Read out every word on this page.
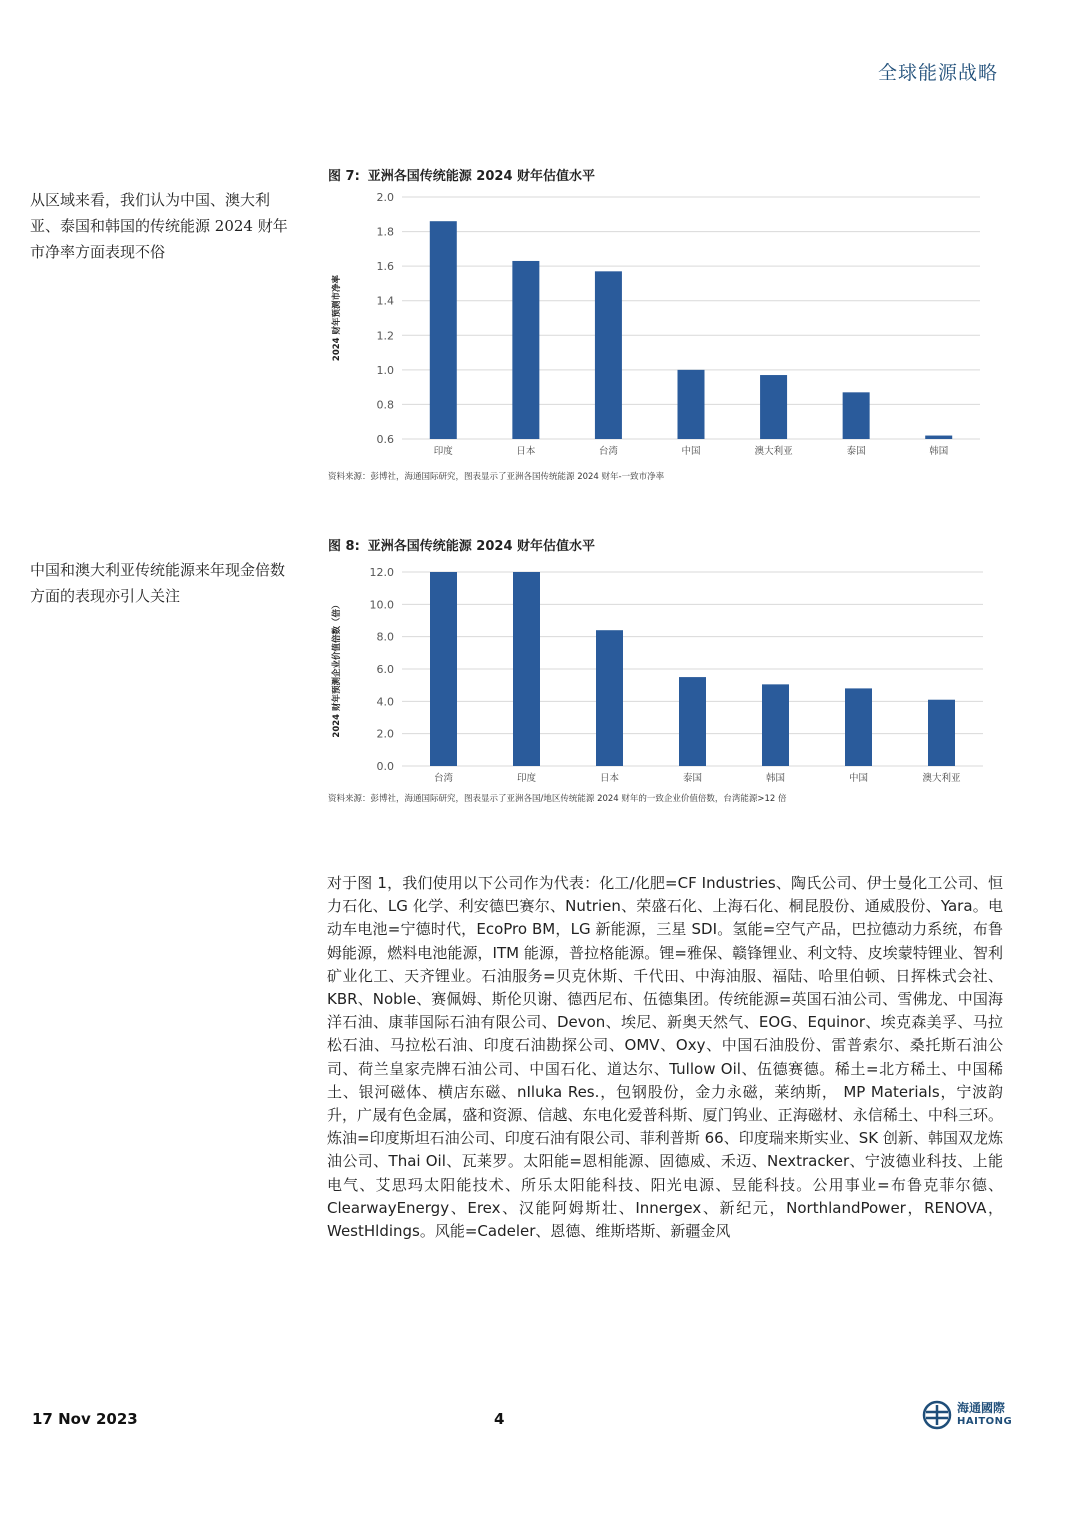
全球能源战略
从区域来看，我们认为中国、澳大利亚、泰国和韩国的传统能源 2024 财年市净率方面表现不俗
中国和澳大利亚传统能源来年现金倍数方面的表现亦引人关注
图 7: 亚洲各国传统能源 2024 财年估值水平
2024 财年预测市净率
0.6
0.8
1.0
1.2
1.4
1.6
1.8
2.0
印度	日本	台湾	中国	澳大利亚	泰国	韩国
资料来源：彭博社，海通国际研究，图表显示了亚洲各国传统能源 2024 财年-一致市净率
图 8: 亚洲各国传统能源 2024 财年估值水平
2024 财年预测企业价值倍数（倍）
0.0
2.0
4.0
6.0
8.0
10.0
12.0
台湾	印度	日本	泰国	韩国	中国	澳大利亚
资料来源：彭博社，海通国际研究，图表显示了亚洲各国/地区传统能源 2024 财年的一致企业价值倍数，台湾能源>12 倍
对于图 1，我们使用以下公司作为代表：化工/化肥=CF Industries、陶氏公司、伊士曼化工公司、恒力石化、LG 化学、利安德巴赛尔、Nutrien、荣盛石化、上海石化、桐昆股份、通威股份、Yara。电动车电池=宁德时代，EcoPro BM，LG 新能源，三星 SDI。氢能=空气产品，巴拉德动力系统，布鲁姆能源，燃料电池能源，ITM 能源，普拉格能源。锂=雅保、赣锋锂业、利文特、皮埃蒙特锂业、智利矿业化工、天齐锂业。石油服务=贝克休斯、千代田、中海油服、福陆、哈里伯顿、日挥株式会社、KBR、Noble、赛佩姆、斯伦贝谢、德西尼布、伍德集团。传统能源=英国石油公司、雪佛龙、中国海洋石油、康菲国际石油有限公司、Devon、埃尼、新奥天然气、EOG、Equinor、埃克森美孚、马拉松石油、马拉松石油、印度石油勘探公司、OMV、Oxy、中国石油股份、雷普索尔、桑托斯石油公司、荷兰皇家壳牌石油公司、中国石化、道达尔、Tullow Oil、伍德赛德。稀土=北方稀土、中国稀土、银河磁体、横店东磁、nIluka Res.，包钢股份，金力永磁，莱纳斯， MP Materials，宁波韵升，广晟有色金属，盛和资源、信越、东电化爱普科斯、厦门钨业、正海磁材、永信稀土、中科三环。炼油=印度斯坦石油公司、印度石油有限公司、菲利普斯 66、印度瑞来斯实业、SK 创新、韩国双龙炼油公司、Thai Oil、瓦莱罗。太阳能=恩相能源、固德威、禾迈、Nextracker、宁波德业科技、上能电气、艾思玛太阳能技术、所乐太阳能科技、阳光电源、昱能科技。公用事业=布鲁克菲尔德、ClearwayEnergy、Erex、汉能阿姆斯壮、Innergex、新纪元，NorthlandPower，RENOVA，WestHldings。风能=Cadeler、恩德、维斯塔斯、新疆金风
17 Nov 2023	4
海通國際
HAITONG
